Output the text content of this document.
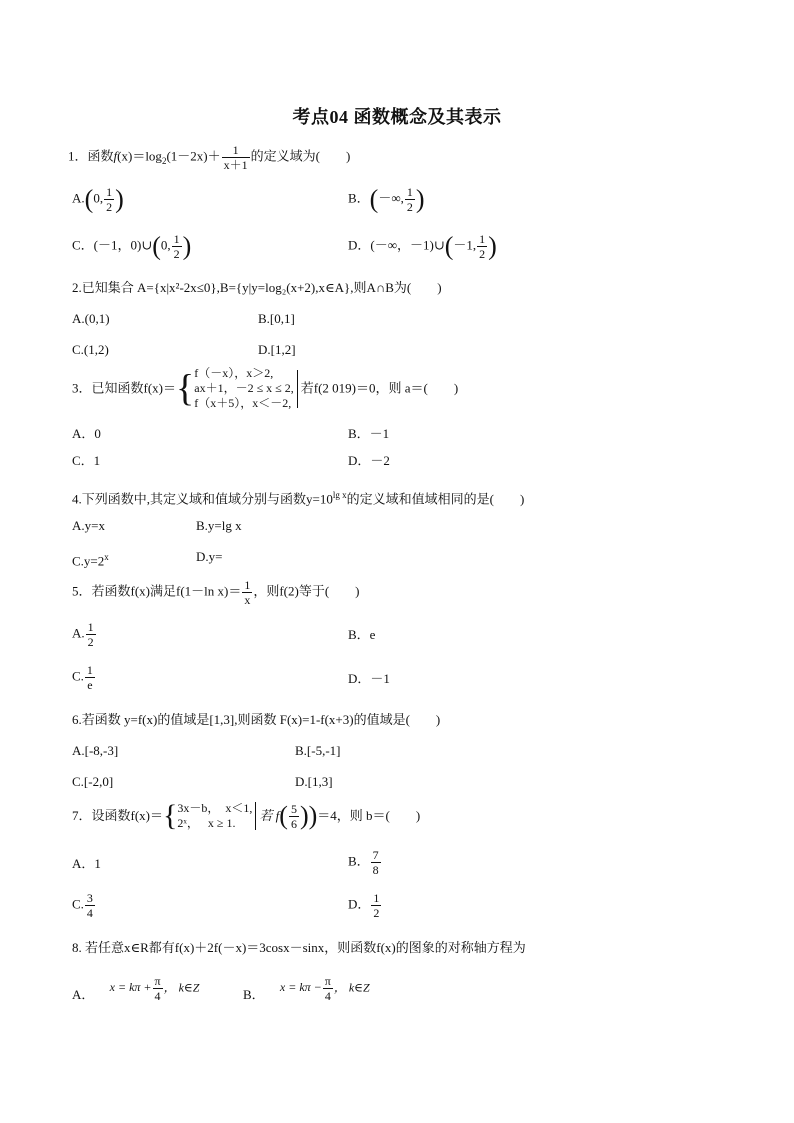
考点04 函数概念及其表示
1．函数$f(x)=\log_2(1-2x)+ \frac{1}{x+1}$ 的定义域为(　　)
A.(0, $\frac{1}{2}$ )	B．(－∞, $\frac{1}{2}$ )
C．(－1，0)∪(0, $\frac{1}{2}$ )	D．(－∞，－1)∪(－1, $\frac{1}{2}$ )
2.已知集合 A={x|x²-2x≤0},B={y|y=log₂(x+2),x∈A},则A∩B为(　　)
A.(0,1)	B.[0,1]
C.(1,2)	D.[1,2]
3．已知函数f(x)＝{ f（－x），x＞2,
ax＋1，－2 ≤ x ≤ 2,
f（x＋5），x＜－2,
若f(2 019)＝0，则 a＝(　　)
A．0	B．－1
C．1	D．－2
4.下列函数中,其定义域和值域分别与函数$y=10^{lg x}$的定义域和值域相同的是(　　)
A.y=x	B.y=lg x
$C.y=2^x$	D.y=
5．若函数f(x)满足f(1－ln $x)= \frac{1}{x}$ ，则f(2)等于(　　)
A. $\frac{1}{2}$	B．e
C. $\frac{1}{e}$	D．－1
6.若函数 y=f(x)的值域是[1,3],则函数 F(x)=1-f(x+3)的值域是(　　)
A.[-8,-3]	B.[-5,-1]
C.[-2,0]	D.[1,3]
7．设函数f(x)＝{ 3x－b，　x＜1,
2ˣ，　 x ≥ 1.	若 $f( \frac{5}{6} ))=4$，则 b＝(　　)
A．1	B． $\frac{7}{8}$
C. $\frac{3}{4}$	D． $\frac{1}{2}$
8. 若任意x∈R都有f(x)＋2f(－x)＝3cosx－sinx，则函数f(x)的图象的对称轴方程为
A． $x = k\pi + \frac{\pi}{4}$ ， k∈Z	B． $x = k\pi - \frac{\pi}{4}$ ， k∈Z
